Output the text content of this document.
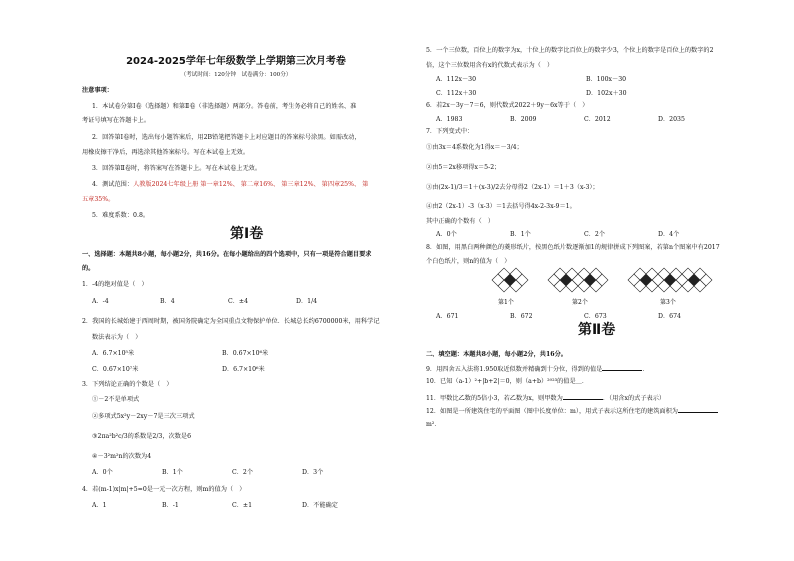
2024-2025学年七年级数学上学期第三次月考卷
（考试时间：120分钟　试卷满分：100分）
注意事项：
1．本试卷分第Ⅰ卷（选择题）和第Ⅱ卷（非选择题）两部分。答卷前，考生务必将自己的姓名、准
考证号填写在答题卡上。
2．回答第Ⅰ卷时，选出每小题答案后，用2B铅笔把答题卡上对应题目的答案标号涂黑。如需改动，
用橡皮擦干净后，再选涂其他答案标号。写在本试卷上无效。
3．回答第Ⅱ卷时，将答案写在答题卡上。写在本试卷上无效。
4．测试范围：人教版2024七年级上册 第一章12%、 第二章16%、 第三章12%、 第四章25%、 第
五章35%。
5．难度系数：0.8。
第Ⅰ卷
一、选择题：本题共8小题，每小题2分，共16分。在每小题给出的四个选项中，只有一项是符合题目要求
的。
1．-4的绝对值是（　）
A．-4	B．4	C．±4	D．1/4
2．我国的长城始建于西周时期，被国务院确定为全国重点文物保护单位．长城总长约6700000米，用科学记
数法表示为（　）
A．6.7×10⁵米	B．0.67×10⁶米
C．0.67×10⁷米	D．6.7×10⁶米
3．下列结论正确的个数是（　）
①－2不是单项式
②多项式5x²y－2xy－7是三次三项式
③2πa²b²c/3的系数是2/3，次数是6
④－3²m²n的次数为4
A．0个	B．1个	C．2个	D．3个
4．若(m-1)x|m|+5=0是一元一次方程，则m的值为（　）
A．1	B．-1	C．±1	D．不能确定
5．一个三位数，百位上的数字为x，十位上的数字比百位上的数字少3，个位上的数字是百位上的数字的2
倍，这个三位数用含有x的代数式表示为（　）
A．112x－30	B．100x－30
C．112x＋30	D．102x＋30
6．若2x－3y－7＝6，则代数式2022＋9y－6x等于（　）
A．1983	B．2009	C．2012	D．2035
7．下列变式中：
①由3x＝4系数化为1得x＝－3/4；
②由5＝2x移项得x＝5-2；
③由(2x-1)/3＝1＋(x-3)/2去分母得2（2x-1）＝1＋3（x-3）；
④由2（2x-1）-3（x-3）＝1去括号得4x-2-3x-9＝1。
其中正确的个数有（　）
A．0个	B．1个	C．2个	D．4个
8．如图，用黑白两种颜色的菱形纸片，按黑色纸片数逐渐加1的规律拼成下列图案，若第n个图案中有2017
个白色纸片，则n的值为（　）
第1个	第2个	第3个
A．671	B．672	C．673	D．674
第Ⅱ卷
二、填空题：本题共8小题，每小题2分，共16分。
9．用四舍五入法将1.950取近似数并精确到十分位，得到的值是	．
10．已知（a-1）²+|b+2|＝0，则（a+b）²⁰²³的值是＿．
11．甲数比乙数的5倍小3，若乙数为x，则甲数为	．（用含x的式子表示）
12．如图是一所建筑住宅的平面图（图中长度单位：m），用式子表示这所住宅的建筑面积为
m²．
